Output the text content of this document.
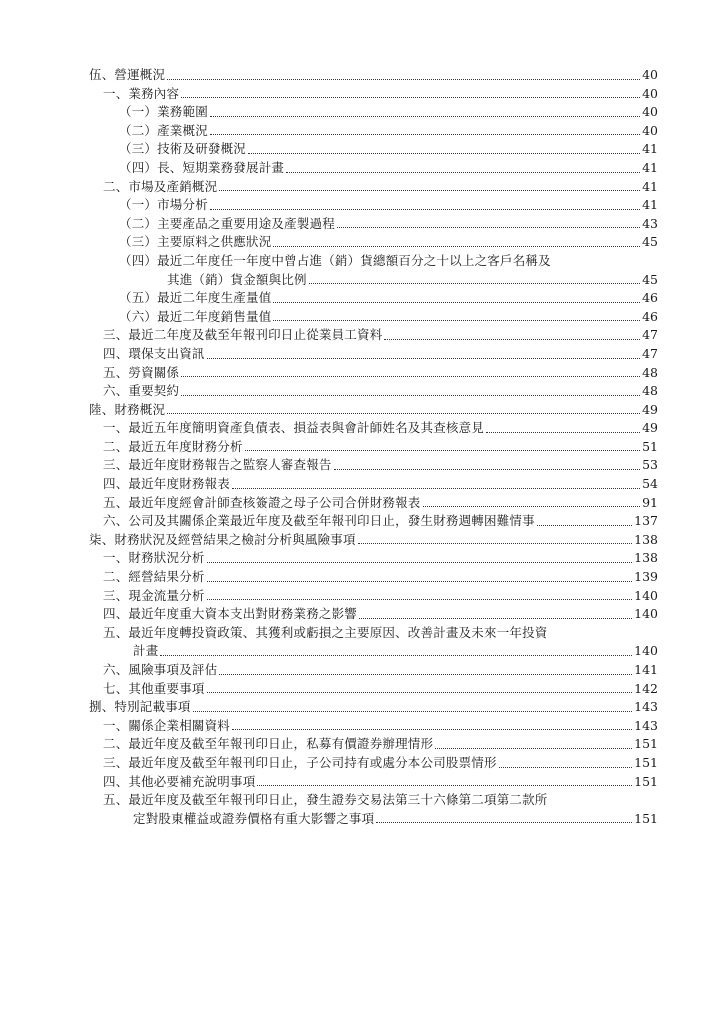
伍、營運概況	40
一、業務內容	40
（一）業務範圍	40
（二）產業概況	40
（三）技術及研發概況	41
（四）長、短期業務發展計畫	41
二、市場及產銷概況	41
（一）市場分析	41
（二）主要產品之重要用途及產製過程	43
（三）主要原料之供應狀況	45
（四）最近二年度任一年度中曾占進（銷）貨總額百分之十以上之客戶名稱及
其進（銷）貨金額與比例	45
（五）最近二年度生產量值	46
（六）最近二年度銷售量值	46
三、最近二年度及截至年報刊印日止從業員工資料	47
四、環保支出資訊	47
五、勞資關係	48
六、重要契約	48
陸、財務概況	49
一、最近五年度簡明資產負債表、損益表與會計師姓名及其查核意見	49
二、最近五年度財務分析	51
三、最近年度財務報告之監察人審查報告	53
四、最近年度財務報表	54
五、最近年度經會計師查核簽證之母子公司合併財務報表	91
六、公司及其關係企業最近年度及截至年報刊印日止，發生財務週轉困難情事	137
柒、財務狀況及經營結果之檢討分析與風險事項	138
一、財務狀況分析	138
二、經營結果分析	139
三、現金流量分析	140
四、最近年度重大資本支出對財務業務之影響	140
五、最近年度轉投資政策、其獲利或虧損之主要原因、改善計畫及未來一年投資
計畫	140
六、風險事項及評估	141
七、其他重要事項	142
捌、特別記載事項	143
一、關係企業相關資料	143
二、最近年度及截至年報刊印日止，私募有價證券辦理情形	151
三、最近年度及截至年報刊印日止，子公司持有或處分本公司股票情形	151
四、其他必要補充說明事項	151
五、最近年度及截至年報刊印日止，發生證券交易法第三十六條第二項第二款所
定對股東權益或證券價格有重大影響之事項	151
